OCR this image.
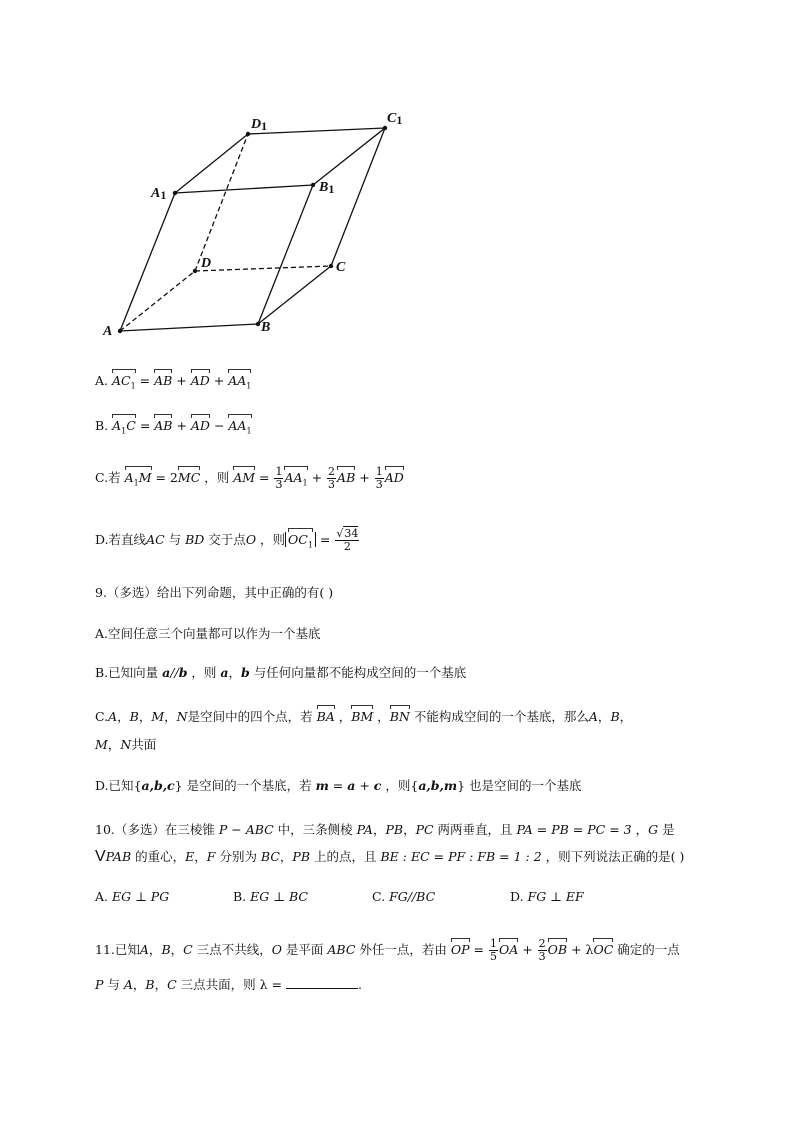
D1	C1
A1	B1
D	C
A	B
A. $AC_1$ = AB + AD + $AA_1$
B. $A_1C$ = AB + AD − $AA_1$
C.若 $A_1M = 2MC$ ，则 AM = $\frac{1}{3} AA_1 + \frac{2}{3}$ AB + $\frac{1}{3}$ AD
D.若直线AC 与 BD 交于点O ，则 $OC_1 = \frac{√34}{2}$
9.（多选）给出下列命题，其中正确的有( )
A.空间任意三个向量都可以作为一个基底
B.已知向量 a//b ，则 a，b 与任何向量都不能构成空间的一个基底
C.A，B，M，N是空间中的四个点，若 BA ，BM ，BN 不能构成空间的一个基底，那么A，B，
M，N共面
D.已知{a,b,c} 是空间的一个基底，若 m = a + c ，则{a,b,m} 也是空间的一个基底
10.（多选）在三棱锥 P − ABC 中，三条侧棱 PA，PB，PC 两两垂直，且 PA = PB = PC = 3 ，G 是
VPAB 的重心，E，F 分别为 BC，PB 上的点，且 BE : EC = PF : FB = 1 : 2 ，则下列说法正确的是( )
A. EG ⊥ PG	B. EG ⊥ BC	C. FG//BC	D. FG ⊥ EF
11.已知A，B，C 三点不共线，O 是平面 ABC 外任一点，若由 OP = $\frac{1}{5}$ OA + $\frac{2}{3}$ OB + λOC 确定的一点
P 与 A，B，C 三点共面，则 λ =	.
